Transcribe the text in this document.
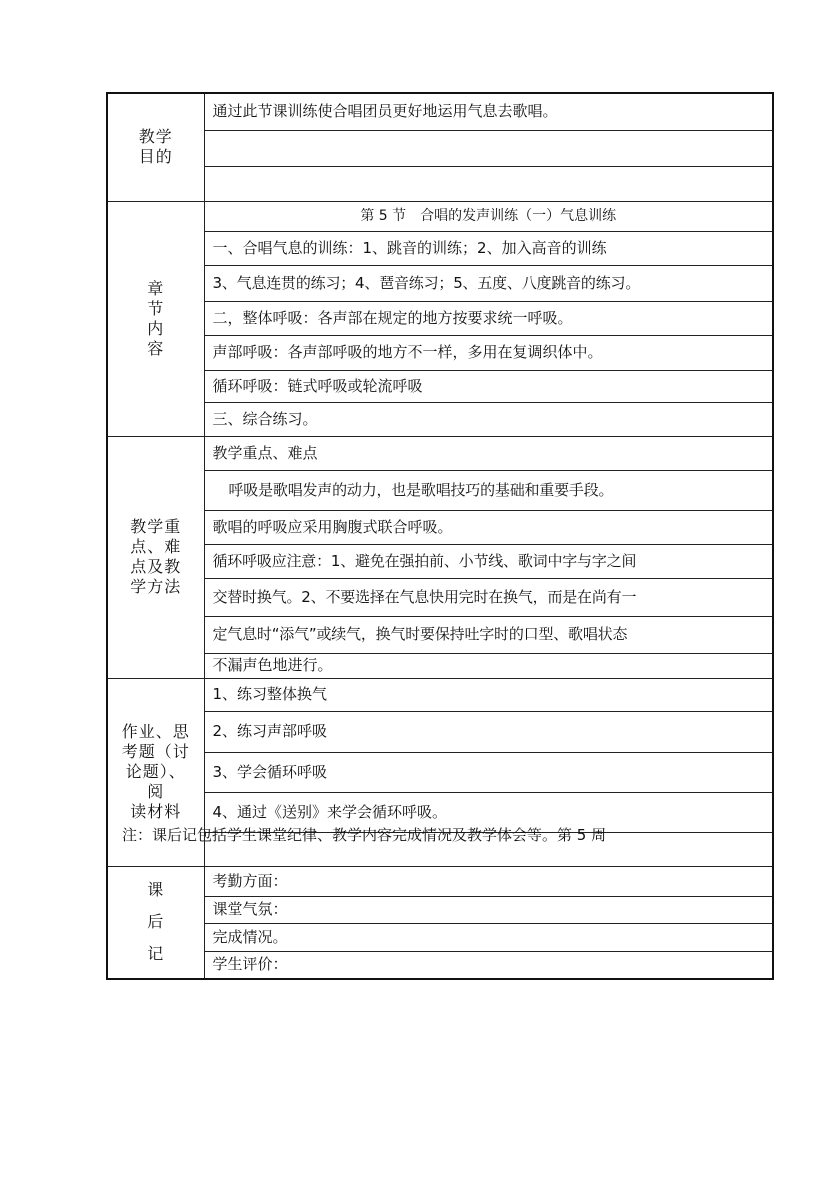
教学
目的	通过此节课训练使合唱团员更好地运用气息去歌唱。

章
节
内
容	第 5 节　合唱的发声训练（一）气息训练
	一、合唱气息的训练：1、跳音的训练；2、加入高音的训练
	3、气息连贯的练习；4、琶音练习；5、五度、八度跳音的练习。
	二，整体呼吸：各声部在规定的地方按要求统一呼吸。
	声部呼吸：各声部呼吸的地方不一样，多用在复调织体中。
	循环呼吸：链式呼吸或轮流呼吸
	三、综合练习。

教学重
点、难
点及教
学方法	教学重点、难点
	呼吸是歌唱发声的动力，也是歌唱技巧的基础和重要手段。
	歌唱的呼吸应采用胸腹式联合呼吸。
	循环呼吸应注意：1、避免在强拍前、小节线、歌词中字与字之间
	交替时换气。2、不要选择在气息快用完时在换气，而是在尚有一
	定气息时“添气”或续气，换气时要保持吐字时的口型、歌唱状态
	不漏声色地进行。

作业、思
考题（讨
论题）、阅
读材料	1、练习整体换气
	2、练习声部呼吸
	3、学会循环呼吸
	4、通过《送别》来学会循环呼吸。

课
后
记	考勤方面：
	课堂气氛：
	完成情况。
	学生评价：
注：课后记包括学生课堂纪律、教学内容完成情况及教学体会等。第 5 周
